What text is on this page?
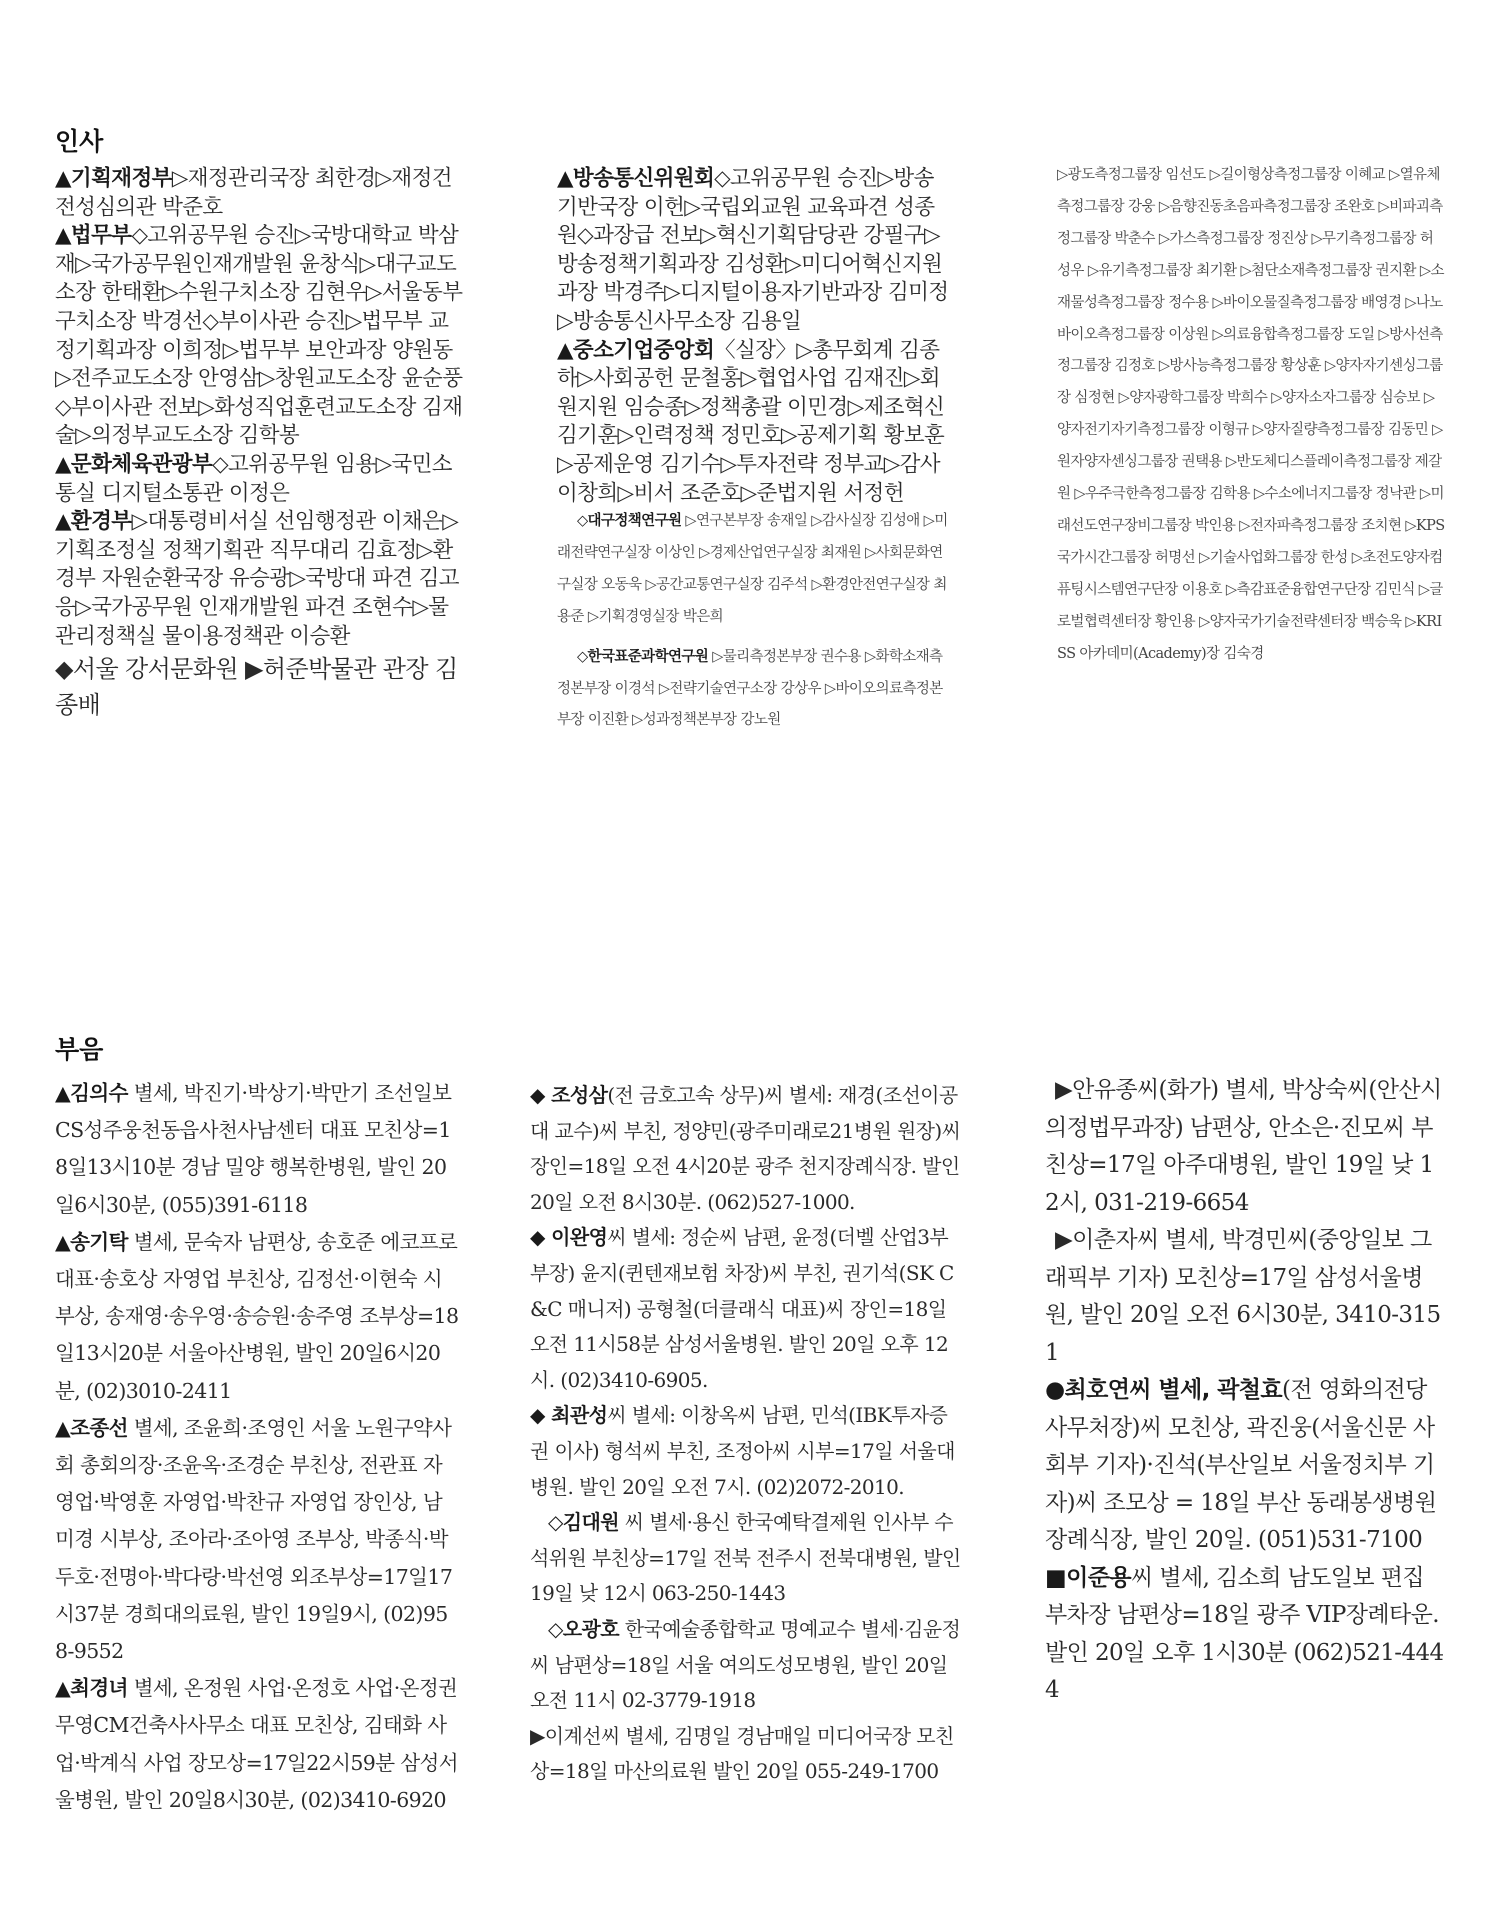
인사

▲기획재정부▷재정관리국장 최한경▷재정건전성심의관 박준호

▲법무부◇고위공무원 승진▷국방대학교 박삼재▷국가공무원인재개발원 윤창식▷대구교도소장 한태환▷수원구치소장 김현우▷서울동부구치소장 박경선◇부이사관 승진▷법무부 교정기획과장 이희정▷법무부 보안과장 양원동▷전주교도소장 안영삼▷창원교도소장 윤순풍◇부이사관 전보▷화성직업훈련교도소장 김재술▷의정부교도소장 김학봉

▲문화체육관광부◇고위공무원 임용▷국민소통실 디지털소통관 이정은

▲환경부▷대통령비서실 선임행정관 이채은▷기획조정실 정책기획관 직무대리 김효정▷환경부 자원순환국장 유승광▷국방대 파견 김고응▷국가공무원 인재개발원 파견 조현수▷물관리정책실 물이용정책관 이승환

◆서울 강서문화원 ▶허준박물관 관장 김종배

▲방송통신위원회◇고위공무원 승진▷방송기반국장 이헌▷국립외교원 교육파견 성종원◇과장급 전보▷혁신기획담당관 강필구▷방송정책기획과장 김성환▷미디어혁신지원과장 박경주▷디지털이용자기반과장 김미정▷방송통신사무소장 김용일

▲중소기업중앙회〈실장〉▷총무회계 김종하▷사회공헌 문철홍▷협업사업 김재진▷회원지원 임승종▷정책총괄 이민경▷제조혁신 김기훈▷인력정책 정민호▷공제기획 황보훈▷공제운영 김기수▷투자전략 정부교▷감사 이창희▷비서 조준호▷준법지원 서정헌

◇대구정책연구원 ▷연구본부장 송재일 ▷감사실장 김성애 ▷미래전략연구실장 이상인 ▷경제산업연구실장 최재원 ▷사회문화연구실장 오동욱 ▷공간교통연구실장 김주석 ▷환경안전연구실장 최용준 ▷기획경영실장 박은희

◇한국표준과학연구원 ▷물리측정본부장 권수용 ▷화학소재측정본부장 이경석 ▷전략기술연구소장 강상우 ▷바이오의료측정본부장 이진환 ▷성과정책본부장 강노원

▷광도측정그룹장 임선도 ▷길이형상측정그룹장 이혜교 ▷열유체측정그룹장 강웅 ▷음향진동초음파측정그룹장 조완호 ▷비파괴측정그룹장 박춘수 ▷가스측정그룹장 정진상 ▷무기측정그룹장 허성우 ▷유기측정그룹장 최기환 ▷첨단소재측정그룹장 권지환 ▷소재물성측정그룹장 정수용 ▷바이오물질측정그룹장 배영경 ▷나노바이오측정그룹장 이상원 ▷의료융합측정그룹장 도일 ▷방사선측정그룹장 김정호 ▷방사능측정그룹장 황상훈 ▷양자자기센싱그룹장 심정현 ▷양자광학그룹장 박희수 ▷양자소자그룹장 심승보 ▷양자전기자기측정그룹장 이형규 ▷양자질량측정그룹장 김동민 ▷원자양자센싱그룹장 권택용 ▷반도체디스플레이측정그룹장 제갈원 ▷우주극한측정그룹장 김학용 ▷수소에너지그룹장 정낙관 ▷미래선도연구장비그룹장 박인용 ▷전자파측정그룹장 조치현 ▷KPS국가시간그룹장 허명선 ▷기술사업화그룹장 한성 ▷초전도양자컴퓨팅시스템연구단장 이용호 ▷측감표준융합연구단장 김민식 ▷글로벌협력센터장 황인용 ▷양자국가기술전략센터장 백승욱 ▷KRISS 아카데미(Academy)장 김숙경

부음

▲김의수 별세, 박진기·박상기·박만기 조선일보 CS성주웅천동읍사천사남센터 대표 모친상=18일13시10분 경남 밀양 행복한병원, 발인 20일6시30분, (055)391-6118

▲송기탁 별세, 문숙자 남편상, 송호준 에코프로 대표·송호상 자영업 부친상, 김정선·이현숙 시부상, 송재영·송우영·송승원·송주영 조부상=18일13시20분 서울아산병원, 발인 20일6시20분, (02)3010-2411

▲조종선 별세, 조윤희·조영인 서울 노원구약사회 총회의장·조윤옥·조경순 부친상, 전관표 자영업·박영훈 자영업·박찬규 자영업 장인상, 남미경 시부상, 조아라·조아영 조부상, 박종식·박두호·전명아·박다랑·박선영 외조부상=17일17시37분 경희대의료원, 발인 19일9시, (02)958-9552

▲최경녀 별세, 온정원 사업·온정호 사업·온정권 무영CM건축사사무소 대표 모친상, 김태화 사업·박계식 사업 장모상=17일22시59분 삼성서울병원, 발인 20일8시30분, (02)3410-6920

◆ 조성삼(전 금호고속 상무)씨 별세: 재경(조선이공대 교수)씨 부친, 정양민(광주미래로21병원 원장)씨 장인=18일 오전 4시20분 광주 천지장례식장. 발인 20일 오전 8시30분. (062)527-1000.

◆ 이완영씨 별세: 정순씨 남편, 윤정(더벨 산업3부 부장) 윤지(퀸텐재보험 차장)씨 부친, 권기석(SK C&C 매니저) 공형철(더클래식 대표)씨 장인=18일 오전 11시58분 삼성서울병원. 발인 20일 오후 12시. (02)3410-6905.

◆ 최관성씨 별세: 이창옥씨 남편, 민석(IBK투자증권 이사) 형석씨 부친, 조정아씨 시부=17일 서울대병원. 발인 20일 오전 7시. (02)2072-2010.

◇김대원 씨 별세·용신 한국예탁결제원 인사부 수석위원 부친상=17일 전북 전주시 전북대병원, 발인 19일 낮 12시 063-250-1443

◇오광호 한국예술종합학교 명예교수 별세·김윤정 씨 남편상=18일 서울 여의도성모병원, 발인 20일 오전 11시 02-3779-1918

▶이계선씨 별세, 김명일 경남매일 미디어국장 모친상=18일 마산의료원 발인 20일 055-249-1700

▶안유종씨(화가) 별세, 박상숙씨(안산시의정법무과장) 남편상, 안소은·진모씨 부친상=17일 아주대병원, 발인 19일 낮 12시, 031-219-6654

▶이춘자씨 별세, 박경민씨(중앙일보 그래픽부 기자) 모친상=17일 삼성서울병원, 발인 20일 오전 6시30분, 3410-3151

●최호연씨 별세, 곽철효(전 영화의전당 사무처장)씨 모친상, 곽진웅(서울신문 사회부 기자)·진석(부산일보 서울정치부 기자)씨 조모상 = 18일 부산 동래봉생병원 장례식장, 발인 20일. (051)531-7100

■이준용씨 별세, 김소희 남도일보 편집부차장 남편상=18일 광주 VIP장례타운. 발인 20일 오후 1시30분 (062)521-4444
